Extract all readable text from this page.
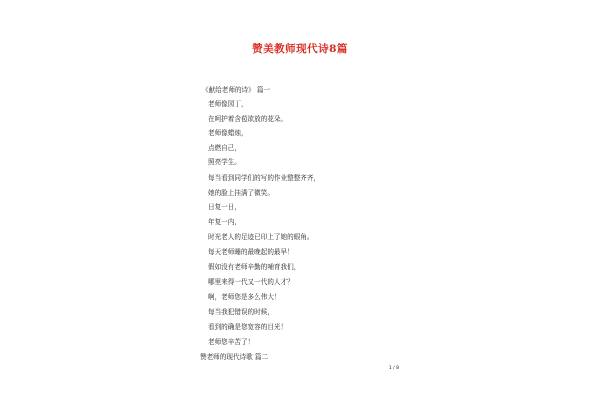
赞美教师现代诗8篇
《献给老师的诗》 篇一
老师像园丁，
在呵护着含苞欲放的花朵。
老师像蜡烛，
点燃自己，
照亮学生。
每当看到同学们的写的作业整整齐齐，
她的脸上挂满了微笑。
日复一日，
年复一内，
时光老人的足迹已印上了她的眼角。
每天老师睡的最晚起的最早！
假如没有老师辛勤的哺育我们，
哪里来得一代又一代的人才？
啊，老师您是多么伟大！
每当我犯错误的时候，
看到的确是您宽容的目光！
老师您辛苦了！
赞老师的现代诗歌 篇二
1 / 8
